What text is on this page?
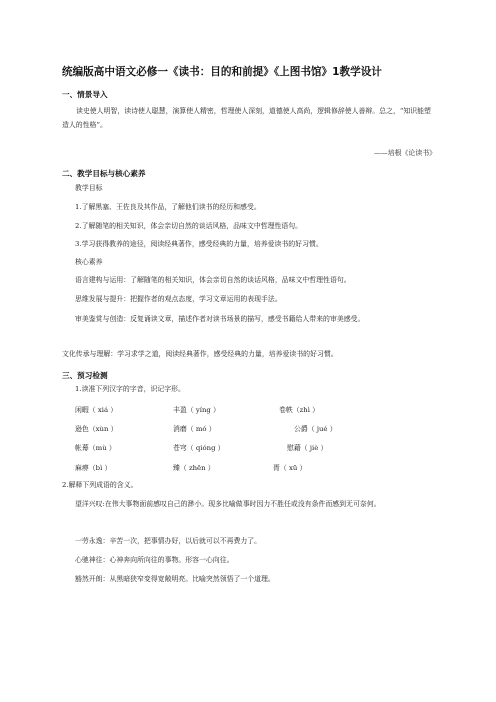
统编版高中语文必修一《读书：目的和前提》《上图书馆》1教学设计
一、情景导入
读史使人明智，读诗使人聪慧，演算使人精密，哲理使人深刻，道德使人高尚，逻辑修辞使人善辩。总之，“知识能塑造人的性格”。
——培根《论读书》
二、教学目标与核心素养
教学目标
1.了解黑塞、王佐良及其作品，了解他们读书的经历和感受。
2.了解随笔的相关知识，体会亲切自然的谈话风格，品味文中哲理性语句。
3.学习获得教养的途径，阅读经典著作，感受经典的力量，培养爱读书的好习惯。
核心素养
语言建构与运用：了解随笔的相关知识，体会亲切自然的谈话风格，品味文中哲理性语句。
思维发展与提升：把握作者的观点态度，学习文章运用的表现手法。
审美鉴赏与创造：反复诵读文章，描述作者对读书场景的描写，感受书籍给人带来的审美感受。
文化传承与理解：学习求学之道，阅读经典著作，感受经典的力量，培养爱读书的好习惯。
三、预习检测
1.读准下列汉字的字音，识记字形。
闲暇（ xiá ）	丰盈（ yíng ）	卷帙（zhì ）
逊色（xùn ）	消磨（ mó ）	公爵（ jué ）
帐幕（mù ）	苍穹（ qióng ）	慰藉（ jiè ）
麻痹（bì ）	臻（ zhēn ）	胥（ xū ）
2.解释下列成语的含义。
望洋兴叹:在伟大事物面前感叹自己的渺小。现多比喻做事时因力不胜任或没有条件而感到无可奈何。
一劳永逸：辛苦一次，把事情办好，以后就可以不再费力了。
心驰神往：心神奔向所向往的事物。形容一心向往。
豁然开朗：从黑暗狭窄变得宽敞明亮。比喻突然领悟了一个道理。
